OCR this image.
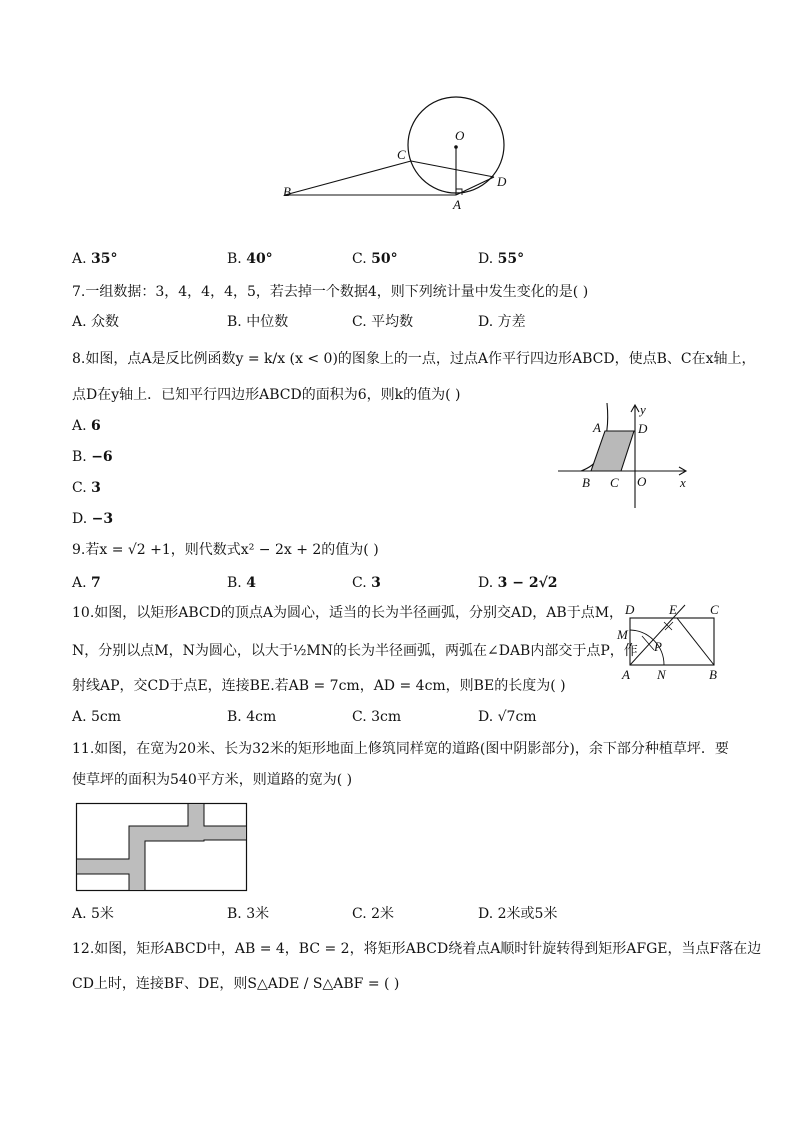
O
C
D
B
A
A. 35°	B. 40°	C. 50°	D. 55°
7.一组数据：3，4，4，4，5，若去掉一个数据4，则下列统计量中发生变化的是( )
A. 众数	B. 中位数	C. 平均数	D. 方差
8.如图，点A是反比例函数y = k/x (x < 0)的图象上的一点，过点A作平行四边形ABCD，使点B、C在x轴上，
点D在y轴上．已知平行四边形ABCD的面积为6，则k的值为( )
A. 6
B. −6
C. 3
D. −3
A	D
y
B C O	x
9.若x = √2 +1，则代数式x² − 2x + 2的值为( )
A. 7	B. 4	C. 3	D. 3 − 2√2
10.如图，以矩形ABCD的顶点A为圆心，适当的长为半径画弧，分别交AD，AB于点M，
N，分别以点M，N为圆心，以大于½MN的长为半径画弧，两弧在∠DAB内部交于点P，作
射线AP，交CD于点E，连接BE.若AB = 7cm，AD = 4cm，则BE的长度为( )
D	E	C
M
P
A N	B
A. 5cm	B. 4cm	C. 3cm	D. √7cm
11.如图，在宽为20米、长为32米的矩形地面上修筑同样宽的道路(图中阴影部分)，余下部分种植草坪．要
使草坪的面积为540平方米，则道路的宽为( )
A. 5米	B. 3米	C. 2米	D. 2米或5米
12.如图，矩形ABCD中，AB = 4，BC = 2，将矩形ABCD绕着点A顺时针旋转得到矩形AFGE，当点F落在边
CD上时，连接BF、DE，则S△ADE / S△ABF = ( )
